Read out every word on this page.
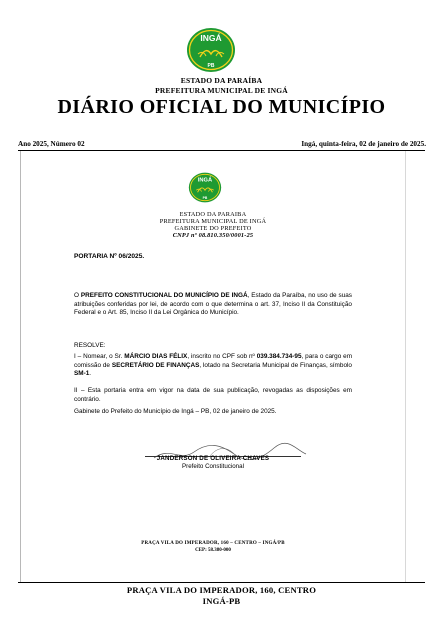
INGÁ
PB
ESTADO DA PARAÍBA
PREFEITURA MUNICIPAL DE INGÁ
DIÁRIO OFICIAL DO MUNICÍPIO
Ano 2025, Número 02	Ingá, quinta-feira, 02 de janeiro de 2025.
INGÁ
PB
ESTADO DA PARAIBA
PREFEITURA MUNICIPAL DE INGÁ
GABINETE DO PREFEITO
CNPJ nº 08.810.350/0001-25
PORTARIA Nº 06/2025.
O PREFEITO CONSTITUCIONAL DO MUNICÍPIO DE INGÁ, Estado da Paraíba, no uso de suas atribuições conferidas por lei, de acordo com o que determina o art. 37, Inciso II da Constituição Federal e o Art. 85, Inciso II da Lei Orgânica do Município.
RESOLVE:
I – Nomear, o Sr. MÁRCIO DIAS FÉLIX, inscrito no CPF sob nº 039.384.734-95, para o cargo em comissão de SECRETÁRIO DE FINANÇAS, lotado na Secretaria Municipal de Finanças, símbolo SM-1.
II – Esta portaria entra em vigor na data de sua publicação, revogadas as disposições em contrário.
Gabinete do Prefeito do Município de Ingá – PB, 02 de janeiro de 2025.
JANDERSON DE OLIVEIRA CHAVES
Prefeito Constitucional
PRAÇA VILA DO IMPERADOR, 160 – CENTRO – INGÁ/PB
CEP: 58.380-000
PRAÇA VILA DO IMPERADOR, 160, CENTRO
INGÁ-PB
